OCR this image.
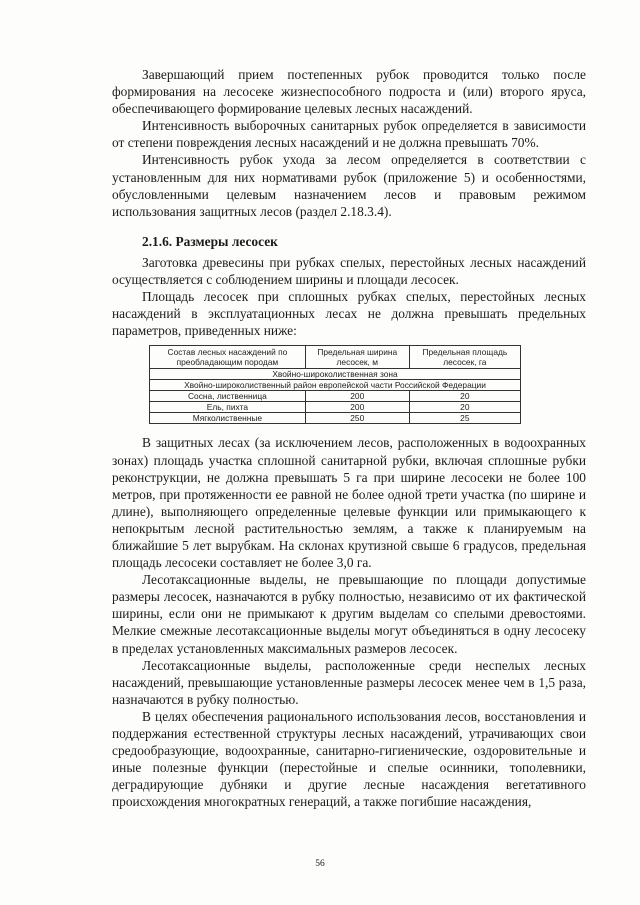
Завершающий прием постепенных рубок проводится только после формирования на лесосеке жизнеспособного подроста и (или) второго яруса, обеспечивающего формирование целевых лесных насаждений.

Интенсивность выборочных санитарных рубок определяется в зависимости от степени повреждения лесных насаждений и не должна превышать 70%.

Интенсивность рубок ухода за лесом определяется в соответствии с установленным для них нормативами рубок (приложение 5) и особенностями, обусловленными целевым назначением лесов и правовым режимом использования защитных лесов (раздел 2.18.3.4).

2.1.6. Размеры лесосек

Заготовка древесины при рубках спелых, перестойных лесных насаждений осуществляется с соблюдением ширины и площади лесосек.

Площадь лесосек при сплошных рубках спелых, перестойных лесных насаждений в эксплуатационных лесах не должна превышать предельных параметров, приведенных ниже:

Состав лесных насаждений по преобладающим породам	Предельная ширина лесосек, м	Предельная площадь лесосек, га

Хвойно-широколиственная зона		
Хвойно-широколиственный район европейской части Российской Федерации		
Сосна, лиственница	200	20
Ель, пихта	200	20
Мягколиственные	250	25

В защитных лесах (за исключением лесов, расположенных в водоохранных зонах) площадь участка сплошной санитарной рубки, включая сплошные рубки реконструкции, не должна превышать 5 га при ширине лесосеки не более 100 метров, при протяженности ее равной не более одной трети участка (по ширине и длине), выполняющего определенные целевые функции или примыкающего к непокрытым лесной растительностью землям, а также к планируемым на ближайшие 5 лет вырубкам. На склонах крутизной свыше 6 градусов, предельная площадь лесосеки составляет не более 3,0 га.

Лесотаксационные выделы, не превышающие по площади допустимые размеры лесосек, назначаются в рубку полностью, независимо от их фактической ширины, если они не примыкают к другим выделам со спелыми древостоями. Мелкие смежные лесотаксационные выделы могут объединяться в одну лесосеку в пределах установленных максимальных размеров лесосек.

Лесотаксационные выделы, расположенные среди неспелых лесных насаждений, превышающие установленные размеры лесосек менее чем в 1,5 раза, назначаются в рубку полностью.

В целях обеспечения рационального использования лесов, восстановления и поддержания естественной структуры лесных насаждений, утрачивающих свои средообразующие, водоохранные, санитарно-гигиенические, оздоровительные и иные полезные функции (перестойные и спелые осинники, тополевники, деградирующие дубняки и другие лесные насаждения вегетативного происхождения многократных генераций, а также погибшие насаждения,

56
